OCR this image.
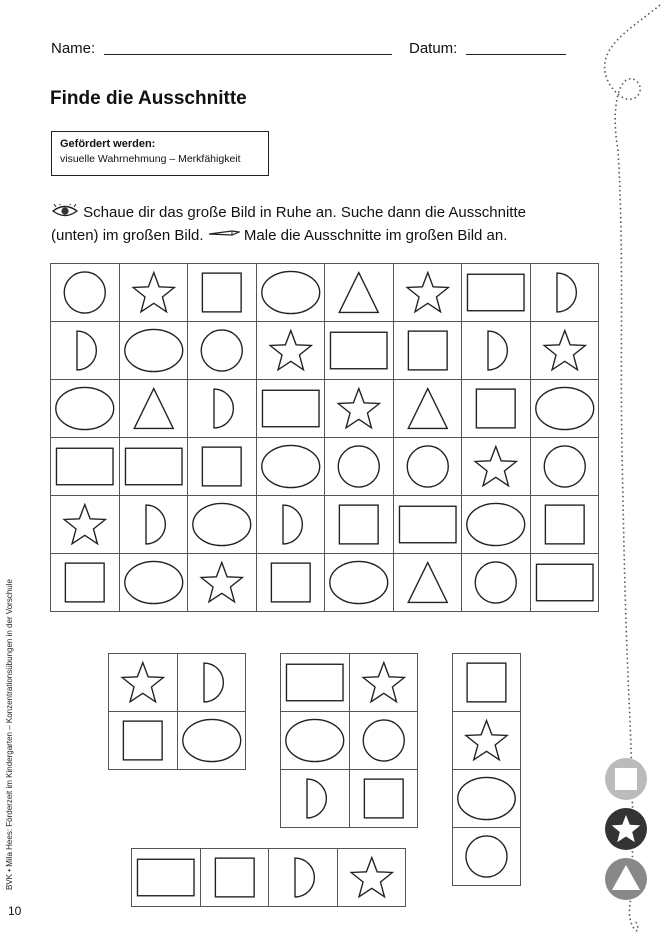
Name:	Datum:
Finde die Ausschnitte
Gefördert werden:
visuelle Wahrnehmung – Merkfähigkeit
Schaue dir das große Bild in Ruhe an. Suche dann die Ausschnitte
(unten) im großen Bild.	Male die Ausschnitte im großen Bild an.
BVK • Mila Hees: Förderzeit im Kindergarten – Konzentrationsübungen in der Vorschule
10
